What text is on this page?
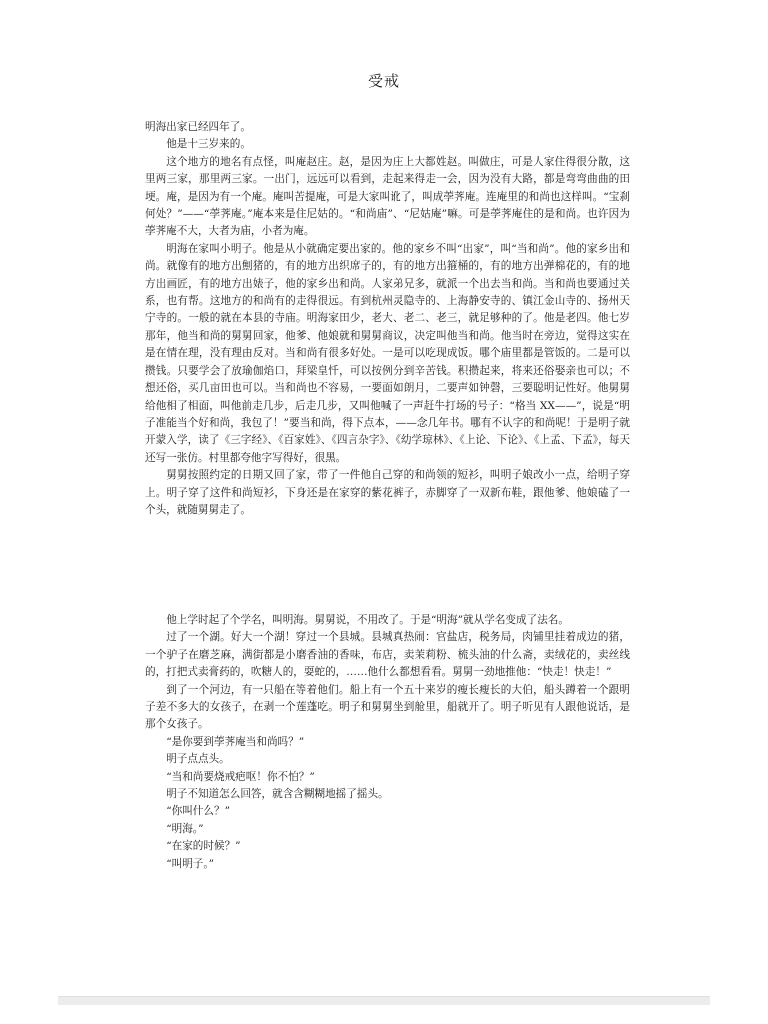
受戒

明海出家已经四年了。

他是十三岁来的。

这个地方的地名有点怪，叫庵赵庄。赵，是因为庄上大都姓赵。叫做庄，可是人家住得很分散，这里两三家，那里两三家。一出门，远远可以看到，走起来得走一会，因为没有大路，都是弯弯曲曲的田埂。庵，是因为有一个庵。庵叫苦提庵，可是大家叫讹了，叫成荸荠庵。连庵里的和尚也这样叫。“宝刹何处？”——“荸荠庵。”庵本来是住尼姑的。“和尚庙”、“尼姑庵”嘛。可是荸荠庵住的是和尚。也许因为荸荠庵不大，大者为庙，小者为庵。

明海在家叫小明子。他是从小就确定要出家的。他的家乡不叫“出家”，叫“当和尚”。他的家乡出和尚。就像有的地方出劁猪的，有的地方出织席子的，有的地方出箍桶的，有的地方出弹棉花的，有的地方出画匠，有的地方出婊子，他的家乡出和尚。人家弟兄多，就派一个出去当和尚。当和尚也要通过关系，也有帮。这地方的和尚有的走得很远。有到杭州灵隐寺的、上海静安寺的、镇江金山寺的、扬州天宁寺的。一般的就在本县的寺庙。明海家田少，老大、老二、老三，就足够种的了。他是老四。他七岁那年，他当和尚的舅舅回家，他爹、他娘就和舅舅商议，决定叫他当和尚。他当时在旁边，觉得这实在是在情在理，没有理由反对。当和尚有很多好处。一是可以吃现成饭。哪个庙里都是管饭的。二是可以攒钱。只要学会了放瑜伽焰口，拜梁皇忏，可以按例分到辛苦钱。积攒起来，将来还俗娶亲也可以；不想还俗，买几亩田也可以。当和尚也不容易，一要面如朗月，二要声如钟磬，三要聪明记性好。他舅舅给他相了相面，叫他前走几步，后走几步，又叫他喊了一声赶牛打场的号子：“格当 XX——”，说是“明子准能当个好和尚，我包了！”要当和尚，得下点本，——念几年书。哪有不认字的和尚呢！于是明子就开蒙入学，读了《三字经》、《百家姓》、《四言杂字》、《幼学琼林》、《上论、下论》、《上孟、下孟》，每天还写一张仿。村里都夸他字写得好，很黑。

舅舅按照约定的日期又回了家，带了一件他自己穿的和尚领的短衫，叫明子娘改小一点，给明子穿上。明子穿了这件和尚短衫，下身还是在家穿的紫花裤子，赤脚穿了一双新布鞋，跟他爹、他娘磕了一个头，就随舅舅走了。

他上学时起了个学名，叫明海。舅舅说，不用改了。于是“明海”就从学名变成了法名。

过了一个湖。好大一个湖！穿过一个县城。县城真热闹：官盐店，税务局，肉铺里挂着成边的猪，一个驴子在磨芝麻，满街都是小磨香油的香味，布店，卖茉莉粉、梳头油的什么斋，卖绒花的，卖丝线的，打把式卖膏药的，吹糖人的，耍蛇的，……他什么都想看看。舅舅一劲地推他：“快走！快走！”

到了一个河边，有一只船在等着他们。船上有一个五十来岁的瘦长瘦长的大伯，船头蹲着一个跟明子差不多大的女孩子，在剥一个莲蓬吃。明子和舅舅坐到舱里，船就开了。明子听见有人跟他说话，是那个女孩子。

“是你要到荸荠庵当和尚吗？”

明子点点头。

“当和尚要烧戒疤呕！你不怕？”

明子不知道怎么回答，就含含糊糊地摇了摇头。

“你叫什么？”

“明海。”

“在家的时候？”

“叫明子。”
